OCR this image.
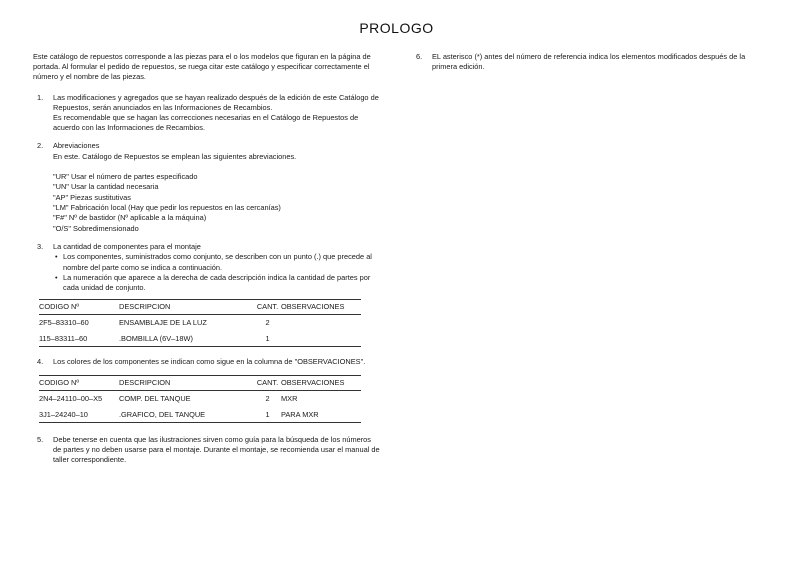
PROLOGO

Este catálogo de repuestos corresponde a las piezas para el o los modelos que figuran en la página de portada. Al formular el pedido de repuestos, se ruega citar este catálogo y especificar correctamente el número y el nombre de las piezas.

1.	Las modificaciones y agregados que se hayan realizado después de la edición de este Catálogo de Repuestos, serán anunciados en las Informaciones de Recambios.

Es recomendable que se hagan las correcciones necesarias en el Catálogo de Repuestos de acuerdo con las Informaciones de Recambios.

2.	Abreviaciones

En este. Catálogo de Repuestos se emplean las siguientes abreviaciones.

"UR" Usar el número de partes especificado
"UN" Usar la cantidad necesaria
"AP" Piezas sustitutivas
"LM" Fabricación local (Hay que pedir los repuestos en las cercanías)
"F#" Nº de bastidor (Nº aplicable a la máquina)
"O/S" Sobredimensionado
3.	La cantidad de componentes para el montaje

• Los componentes, suministrados como conjunto, se describen con un punto (.) que precede al nombre del parte como se indica a continuación.
• La numeración que aparece a la derecha de cada descripción indica la cantidad de partes por cada unidad de conjunto.
CODIGO Nº	DESCRIPCION	CANT.	OBSERVACIONES
2F5–83310–60	ENSAMBLAJE DE LA LUZ	2	
115–83311–60	.BOMBILLA (6V–18W)	1	
4.	Los colores de los componentes se indican como sigue en la columna de "OBSERVACIONES".

CODIGO Nº	DESCRIPCION	CANT.	OBSERVACIONES
2N4–24110–00–X5	COMP. DEL TANQUE	2	MXR
3J1–24240–10	.GRAFICO, DEL TANQUE	1	PARA MXR
5.	Debe tenerse en cuenta que las ilustraciones sirven como guía para la búsqueda de los números de partes y no deben usarse para el montaje. Durante el montaje, se recomienda usar el manual de taller correspondiente.

6.	EL asterisco (*) antes del número de referencia indica los elementos modificados después de la primera edición.
